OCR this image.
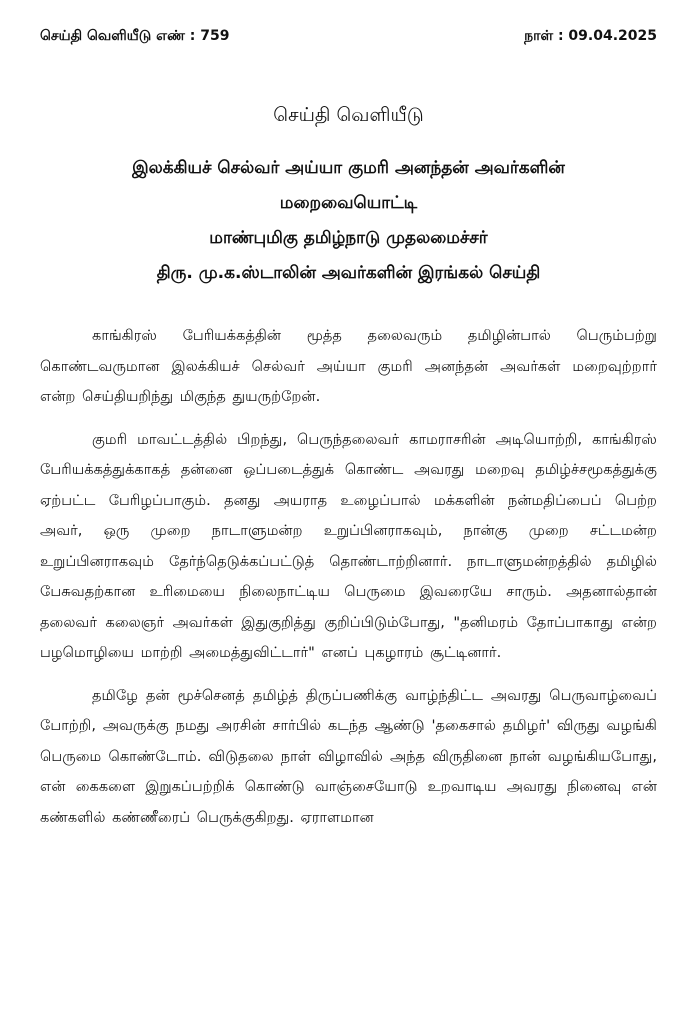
செய்தி வெளியீடு எண் : 759	நாள் : 09.04.2025
செய்தி வெளியீடு
இலக்கியச் செல்வர் அய்யா குமரி அனந்தன் அவர்களின்
மறைவையொட்டி
மாண்புமிகு தமிழ்நாடு முதலமைச்சர்
திரு. மு.க.ஸ்டாலின் அவர்களின் இரங்கல் செய்தி

காங்கிரஸ் பேரியக்கத்தின் மூத்த தலைவரும் தமிழின்பால் பெரும்பற்று கொண்டவருமான இலக்கியச் செல்வர் அய்யா குமரி அனந்தன் அவர்கள் மறைவுற்றார் என்ற செய்தியறிந்து மிகுந்த துயருற்றேன்.

குமரி மாவட்டத்தில் பிறந்து, பெருந்தலைவர் காமராசரின் அடியொற்றி, காங்கிரஸ் பேரியக்கத்துக்காகத் தன்னை ஒப்படைத்துக் கொண்ட அவரது மறைவு தமிழ்ச்சமூகத்துக்கு ஏற்பட்ட பேரிழப்பாகும். தனது அயராத உழைப்பால் மக்களின் நன்மதிப்பைப் பெற்ற அவர், ஒரு முறை நாடாளுமன்ற உறுப்பினராகவும், நான்கு முறை சட்டமன்ற உறுப்பினராகவும் தேர்ந்தெடுக்கப்பட்டுத் தொண்டாற்றினார். நாடாளுமன்றத்தில் தமிழில் பேசுவதற்கான உரிமையை நிலைநாட்டிய பெருமை இவரையே சாரும். அதனால்தான் தலைவர் கலைஞர் அவர்கள் இதுகுறித்து குறிப்பிடும்போது, "தனிமரம் தோப்பாகாது என்ற பழமொழியை மாற்றி அமைத்துவிட்டார்" எனப் புகழாரம் சூட்டினார்.

தமிழே தன் மூச்செனத் தமிழ்த் திருப்பணிக்கு வாழ்ந்திட்ட அவரது பெருவாழ்வைப் போற்றி, அவருக்கு நமது அரசின் சார்பில் கடந்த ஆண்டு 'தகைசால் தமிழர்' விருது வழங்கி பெருமை கொண்டோம். விடுதலை நாள் விழாவில் அந்த விருதினை நான் வழங்கியபோது, என் கைகளை இறுகப்பற்றிக் கொண்டு வாஞ்சையோடு உறவாடிய அவரது நினைவு என் கண்களில் கண்ணீரைப் பெருக்குகிறது. ஏராளமான
